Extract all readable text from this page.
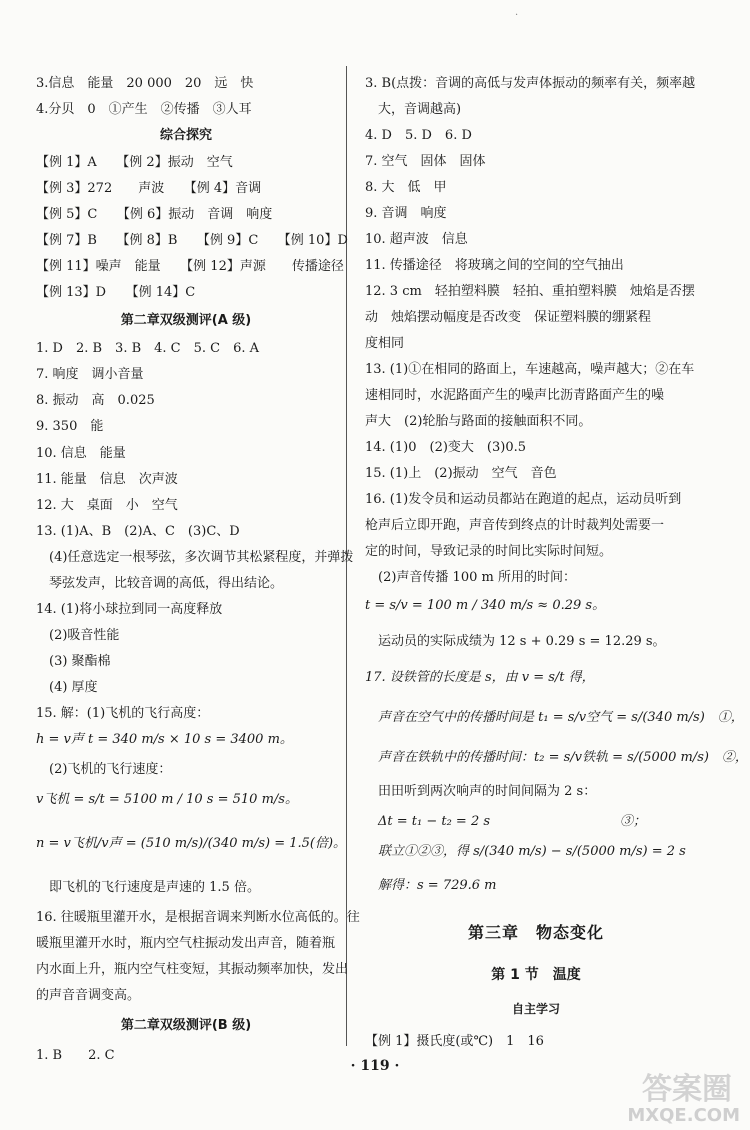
·

3.信息　能量　20 000　20　远　快

4.分贝　0　①产生　②传播　③人耳

综合探究

【例 1】A　　【例 2】振动　空气

【例 3】272　　声波　　【例 4】音调

【例 5】C　　【例 6】振动　音调　响度

【例 7】B　　【例 8】B　　【例 9】C　　【例 10】D

【例 11】噪声　能量　　【例 12】声源　　传播途径

【例 13】D　　【例 14】C

第二章双级测评(A 级)

1. D　2. B　3. B　4. C　5. C　6. A

7. 响度　调小音量

8. 振动　高　0.025

9. 350　能

10. 信息　能量

11. 能量　信息　次声波

12. 大　桌面　小　空气

13. (1)A、B　(2)A、C　(3)C、D

　(4)任意选定一根琴弦，多次调节其松紧程度，并弹拨

　琴弦发声，比较音调的高低，得出结论。

14. (1)将小球拉到同一高度释放

　(2)吸音性能

　(3) 聚酯棉

　(4) 厚度

15. 解：(1)飞机的飞行高度：

h = v声 t = 340 m/s × 10 s = 3400 m。

　(2)飞机的飞行速度：

v飞机 = s/t = 5100 m / 10 s = 510 m/s。

n = v飞机/v声 = (510 m/s)/(340 m/s) = 1.5(倍)。

　即飞机的飞行速度是声速的 1.5 倍。

16. 往暖瓶里灌开水，是根据音调来判断水位高低的。往

暖瓶里灌开水时，瓶内空气柱振动发出声音，随着瓶

内水面上升，瓶内空气柱变短，其振动频率加快，发出

的声音音调变高。

第二章双级测评(B 级)

1. B　　2. C

3. B(点拨：音调的高低与发声体振动的频率有关，频率越

　大，音调越高)

4. D　5. D　6. D

7. 空气　固体　固体

8. 大　低　甲

9. 音调　响度

10. 超声波　信息

11. 传播途径　将玻璃之间的空间的空气抽出

12. 3 cm　轻拍塑料膜　轻拍、重拍塑料膜　烛焰是否摆

动　烛焰摆动幅度是否改变　保证塑料膜的绷紧程

度相同

13. (1)①在相同的路面上，车速越高，噪声越大；②在车

速相同时，水泥路面产生的噪声比沥青路面产生的噪

声大　(2)轮胎与路面的接触面积不同。

14. (1)0　(2)变大　(3)0.5

15. (1)上　(2)振动　空气　音色

16. (1)发令员和运动员都站在跑道的起点，运动员听到

枪声后立即开跑，声音传到终点的计时裁判处需要一

定的时间，导致记录的时间比实际时间短。

　(2)声音传播 100 m 所用的时间：

t = s/v = 100 m / 340 m/s ≈ 0.29 s。

　运动员的实际成绩为 12 s + 0.29 s = 12.29 s。

17. 设铁管的长度是 s，由 v = s/t 得，

　声音在空气中的传播时间是 t₁ = s/v空气 = s/(340 m/s)　①，

　声音在铁轨中的传播时间：t₂ = s/v铁轨 = s/(5000 m/s)　②，

　田田听到两次响声的时间间隔为 2 s：

　Δt = t₁ − t₂ = 2 s　　　　　　　　　　③；

　联立①②③，得 s/(340 m/s) − s/(5000 m/s) = 2 s

　解得：s = 729.6 m

第三章　物态变化

第 1 节　温度

自主学习

【例 1】摄氏度(或℃)　1　16

· 119 ·
答案圈
MXQE.COM
